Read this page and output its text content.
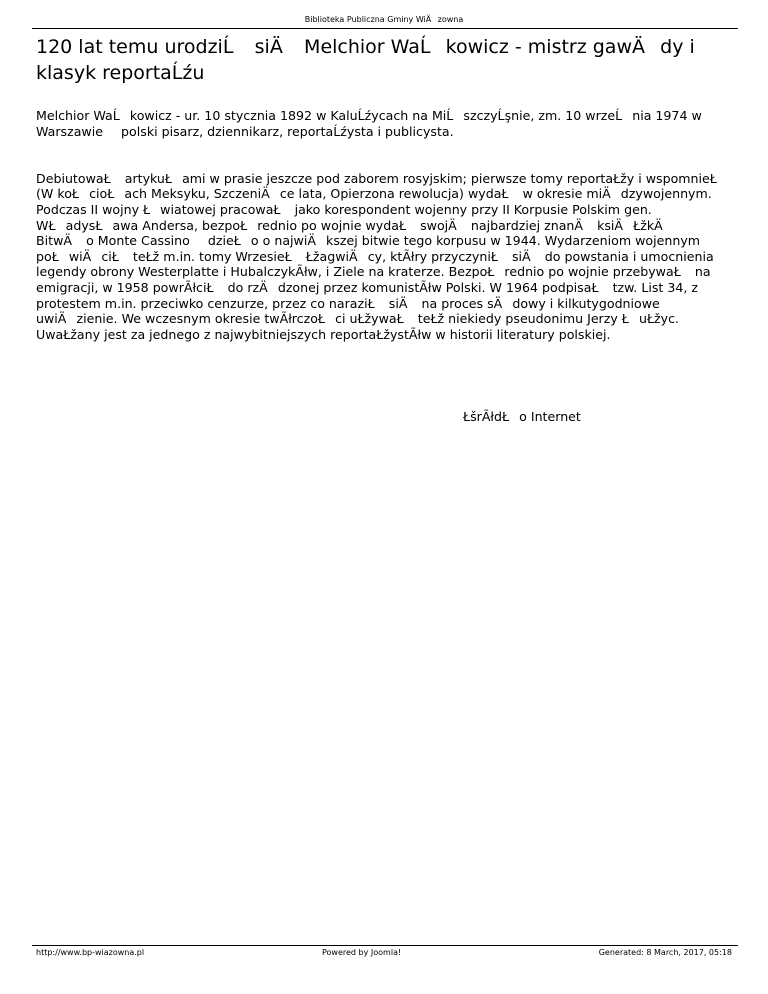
Biblioteka Publiczna Gminy WiÄzowna
120 lat temu urodziĹ siÄ Melchior WaĹkowicz - mistrz gawÄdy i klasyk reportaĹźu

Melchior WaĹkowicz - ur. 10 stycznia 1892 w KaluĹźycach na MiĹszczyĹşnie, zm. 10 wrzeĹnia 1974 w Warszawie  polski pisarz, dziennikarz, reportaĹźysta i publicysta.

DebiutowaŁ artykuŁami w prasie jeszcze pod zaborem rosyjskim; pierwsze tomy reportaŁžy i wspomnieŁ (W koŁcioŁach Meksyku, SzczeniÄce lata, Opierzona rewolucja) wydaŁ w okresie miÄdzywojennym. Podczas II wojny Łwiatowej pracowaŁ jako korespondent wojenny przy II Korpusie Polskim gen. WŁadysŁawa Andersa, bezpoŁrednio po wojnie wydaŁ swojÄ najbardziej znanÄ ksiÄŁžkÄ  BitwÄ o Monte Cassino  dzieŁo o najwiÄkszej bitwie tego korpusu w 1944. Wydarzeniom wojennym poŁwiÄciŁ teŁž m.in. tomy WrzesieŁ ŁžagwiÄcy, ktÃłry przyczyniŁ siÄ do powstania i umocnienia legendy obrony Westerplatte i HubalczykÃłw, i Ziele na kraterze. BezpoŁrednio po wojnie przebywaŁ na emigracji, w 1958 powrÃłciŁ do rzÄdzonej przez komunistÃłw Polski. W 1964 podpisaŁ tzw. List 34, z protestem m.in. przeciwko cenzurze, przez co naraziŁ siÄ na proces sÄdowy i kilkutygodniowe uwiÄzienie. We wczesnym okresie twÃłrczoŁci uŁžywaŁ teŁž niekiedy pseudonimu Jerzy ŁuŁžyc. UwaŁžany jest za jednego z najwybitniejszych reportaŁžystÃłw w historii literatury polskiej.

ŁšrÃłdŁo Internet
http://www.bp-wiazowna.pl	Powered by Joomla!	Generated: 8 March, 2017, 05:18
